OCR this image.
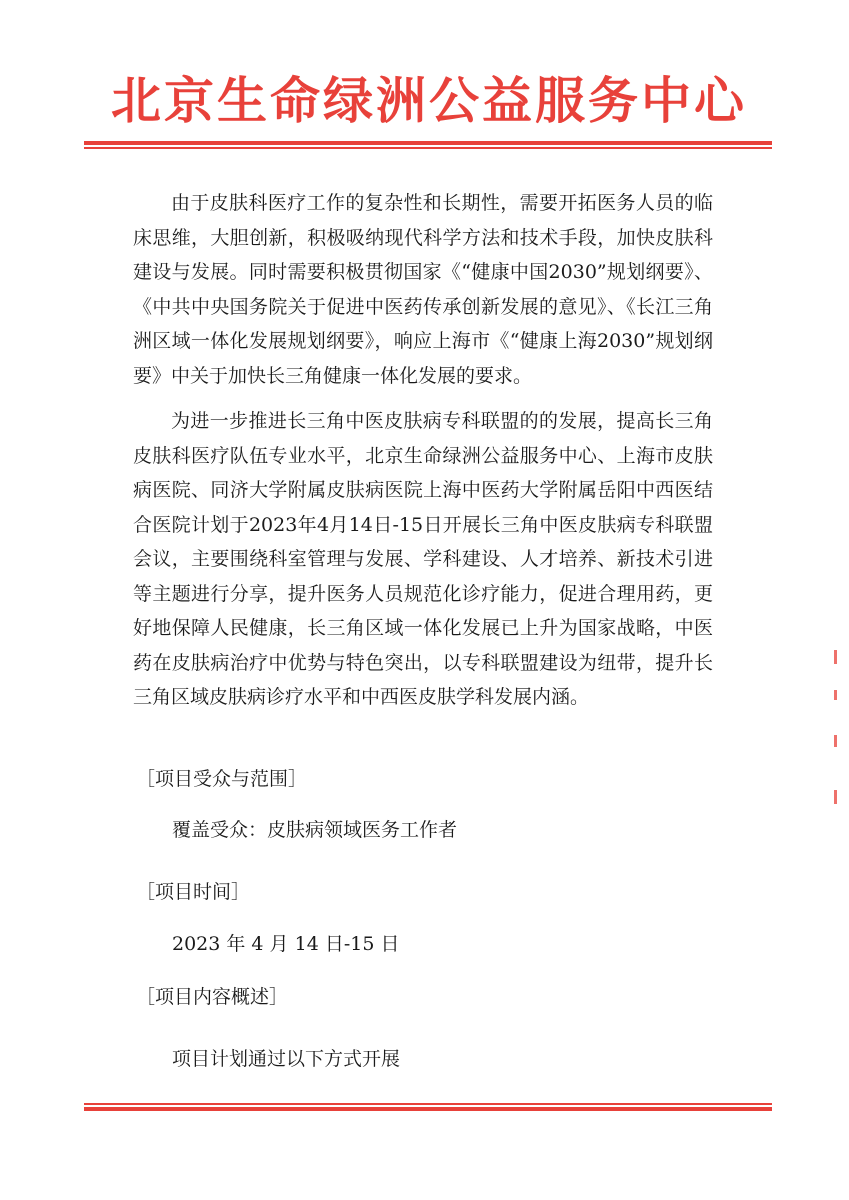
北京生命绿洲公益服务中心

由于皮肤科医疗工作的复杂性和长期性，需要开拓医务人员的临床思维，大胆创新，积极吸纳现代科学方法和技术手段，加快皮肤科建设与发展。同时需要积极贯彻国家《“健康中国2030”规划纲要》、《中共中央国务院关于促进中医药传承创新发展的意见》、《长江三角洲区域一体化发展规划纲要》，响应上海市《“健康上海2030”规划纲要》中关于加快长三角健康一体化发展的要求。

为进一步推进长三角中医皮肤病专科联盟的的发展，提高长三角皮肤科医疗队伍专业水平，北京生命绿洲公益服务中心、上海市皮肤病医院、同济大学附属皮肤病医院上海中医药大学附属岳阳中西医结合医院计划于2023年4月14日-15日开展长三角中医皮肤病专科联盟会议，主要围绕科室管理与发展、学科建设、人才培养、新技术引进等主题进行分享，提升医务人员规范化诊疗能力，促进合理用药，更好地保障人民健康，长三角区域一体化发展已上升为国家战略，中医药在皮肤病治疗中优势与特色突出，以专科联盟建设为纽带，提升长三角区域皮肤病诊疗水平和中西医皮肤学科发展内涵。

［项目受众与范围］
覆盖受众：皮肤病领域医务工作者
［项目时间］
2023 年 4 月 14 日-15 日
［项目内容概述］
项目计划通过以下方式开展
